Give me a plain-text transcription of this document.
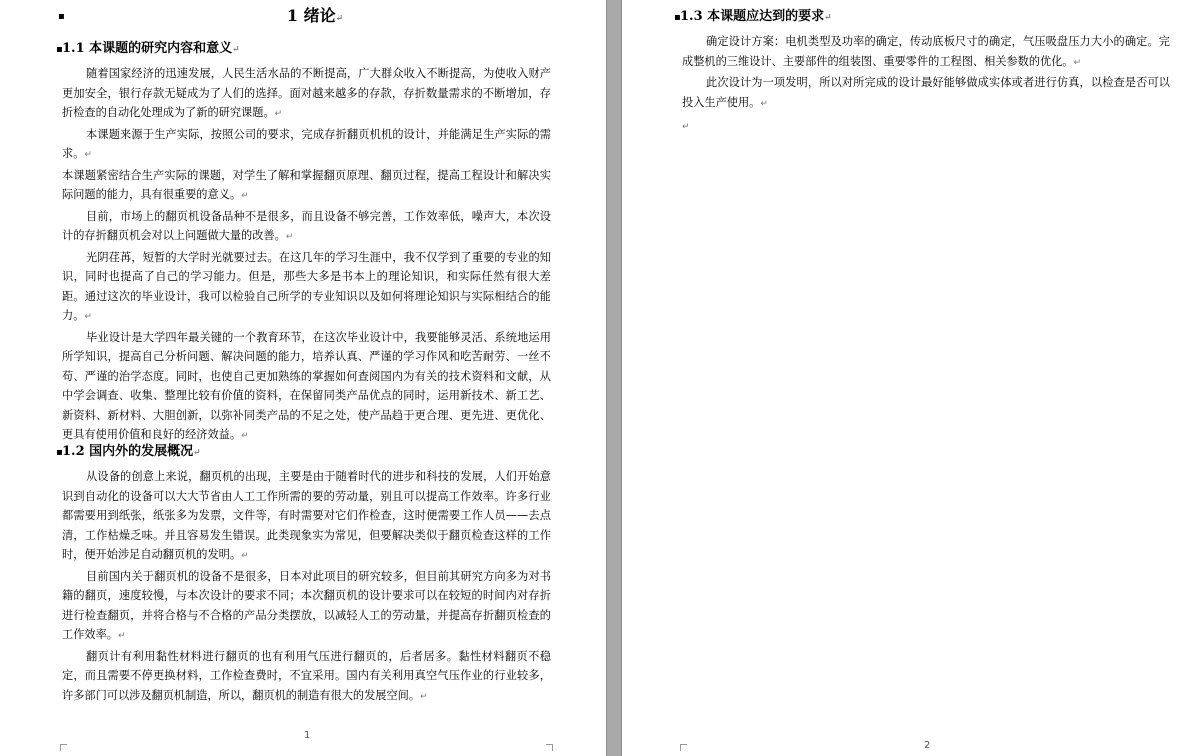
▪	1 绪论↵
▪ 1.1 本课题的研究内容和意义↵

随着国家经济的迅速发展，人民生活水品的不断提高，广大群众收入不断提高，为使收入财产更加安全，银行存款无疑成为了人们的选择。面对越来越多的存款，存折数量需求的不断增加，存折检查的自动化处理成为了新的研究课题。↵

本课题来源于生产实际，按照公司的要求，完成存折翻页机机的设计，并能满足生产实际的需求。↵

本课题紧密结合生产实际的课题，对学生了解和掌握翻页原理、翻页过程，提高工程设计和解决实际问题的能力，具有很重要的意义。↵

目前，市场上的翻页机设备品种不是很多，而且设备不够完善，工作效率低，噪声大，本次设计的存折翻页机会对以上问题做大量的改善。↵

光阴荏苒，短暂的大学时光就要过去。在这几年的学习生涯中，我不仅学到了重要的专业的知识，同时也提高了自己的学习能力。但是，那些大多是书本上的理论知识，和实际任然有很大差距。通过这次的毕业设计，我可以检验自己所学的专业知识以及如何将理论知识与实际相结合的能力。↵

毕业设计是大学四年最关键的一个教育环节，在这次毕业设计中，我要能够灵活、系统地运用所学知识，提高自己分析问题、解决问题的能力，培养认真、严谨的学习作风和吃苦耐劳、一丝不苟、严谨的治学态度。同时，也使自己更加熟练的掌握如何查阅国内为有关的技术资料和文献，从中学会调查、收集、整理比较有价值的资料，在保留同类产品优点的同时，运用新技术、新工艺、新资料、新材料、大胆创新，以弥补同类产品的不足之处，使产品趋于更合理、更先进、更优化、更具有使用价值和良好的经济效益。↵

▪ 1.2 国内外的发展概况↵

从设备的创意上来说，翻页机的出现，主要是由于随着时代的进步和科技的发展，人们开始意识到自动化的设备可以大大节省由人工工作所需的要的劳动量，别且可以提高工作效率。许多行业都需要用到纸张，纸张多为发票，文件等，有时需要对它们作检查，这时便需要工作人员——去点清，工作枯燥乏味。并且容易发生错误。此类现象实为常见，但要解决类似于翻页检查这样的工作时，便开始涉足自动翻页机的发明。↵

目前国内关于翻页机的设备不是很多，日本对此项目的研究较多，但目前其研究方向多为对书籍的翻页，速度较慢，与本次设计的要求不同；本次翻页机的设计要求可以在较短的时间内对存折进行检查翻页，并将合格与不合格的产品分类摆放，以减轻人工的劳动量，并提高存折翻页检查的工作效率。↵

翻页计有利用黏性材料进行翻页的也有利用气压进行翻页的，后者居多。黏性材料翻页不稳定，而且需要不停更换材料，工作检查费时，不宜采用。国内有关利用真空气压作业的行业较多，许多部门可以涉及翻页机制造，所以，翻页机的制造有很大的发展空间。↵

1
▪ 1.3 本课题应达到的要求↵

确定设计方案：电机类型及功率的确定，传动底板尺寸的确定，气压吸盘压力大小的确定。完成整机的三维设计、主要部件的组装图、重要零件的工程图、相关参数的优化。↵

此次设计为一项发明，所以对所完成的设计最好能够做成实体或者进行仿真，以检查是否可以投入生产使用。↵

↵
2
